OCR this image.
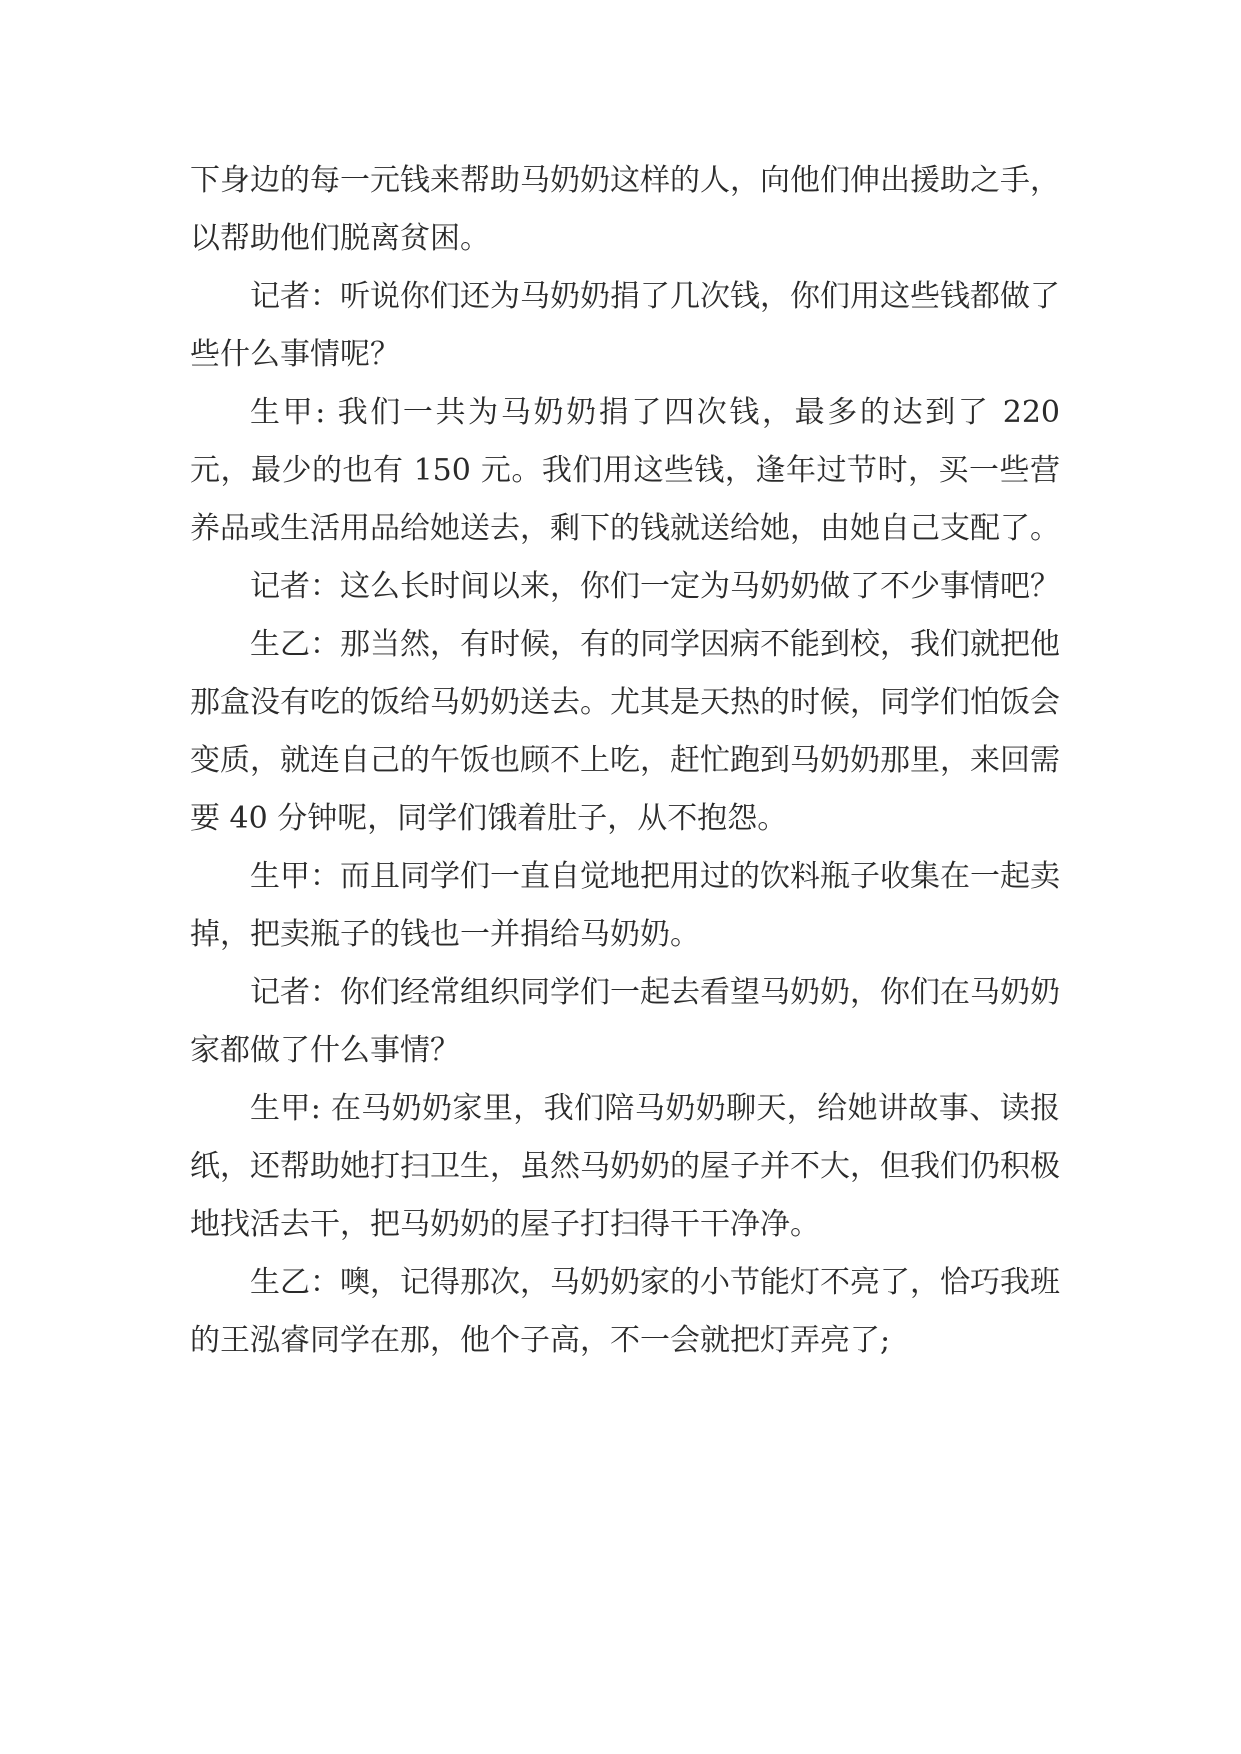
下身边的每一元钱来帮助马奶奶这样的人，向他们伸出援助之手，以帮助他们脱离贫困。

记者：听说你们还为马奶奶捐了几次钱，你们用这些钱都做了些什么事情呢？

生甲: 我们一共为马奶奶捐了四次钱，最多的达到了 220 元，最少的也有 150 元。我们用这些钱，逢年过节时，买一些营养品或生活用品给她送去，剩下的钱就送给她，由她自己支配了。

记者：这么长时间以来，你们一定为马奶奶做了不少事情吧？

生乙：那当然，有时候，有的同学因病不能到校，我们就把他那盒没有吃的饭给马奶奶送去。尤其是天热的时候，同学们怕饭会变质，就连自己的午饭也顾不上吃，赶忙跑到马奶奶那里，来回需要 40 分钟呢，同学们饿着肚子，从不抱怨。

生甲：而且同学们一直自觉地把用过的饮料瓶子收集在一起卖掉，把卖瓶子的钱也一并捐给马奶奶。

记者：你们经常组织同学们一起去看望马奶奶，你们在马奶奶家都做了什么事情？

生甲: 在马奶奶家里，我们陪马奶奶聊天，给她讲故事、读报纸，还帮助她打扫卫生，虽然马奶奶的屋子并不大，但我们仍积极地找活去干，把马奶奶的屋子打扫得干干净净。

生乙：噢，记得那次，马奶奶家的小节能灯不亮了，恰巧我班的王泓睿同学在那，他个子高，不一会就把灯弄亮了;
